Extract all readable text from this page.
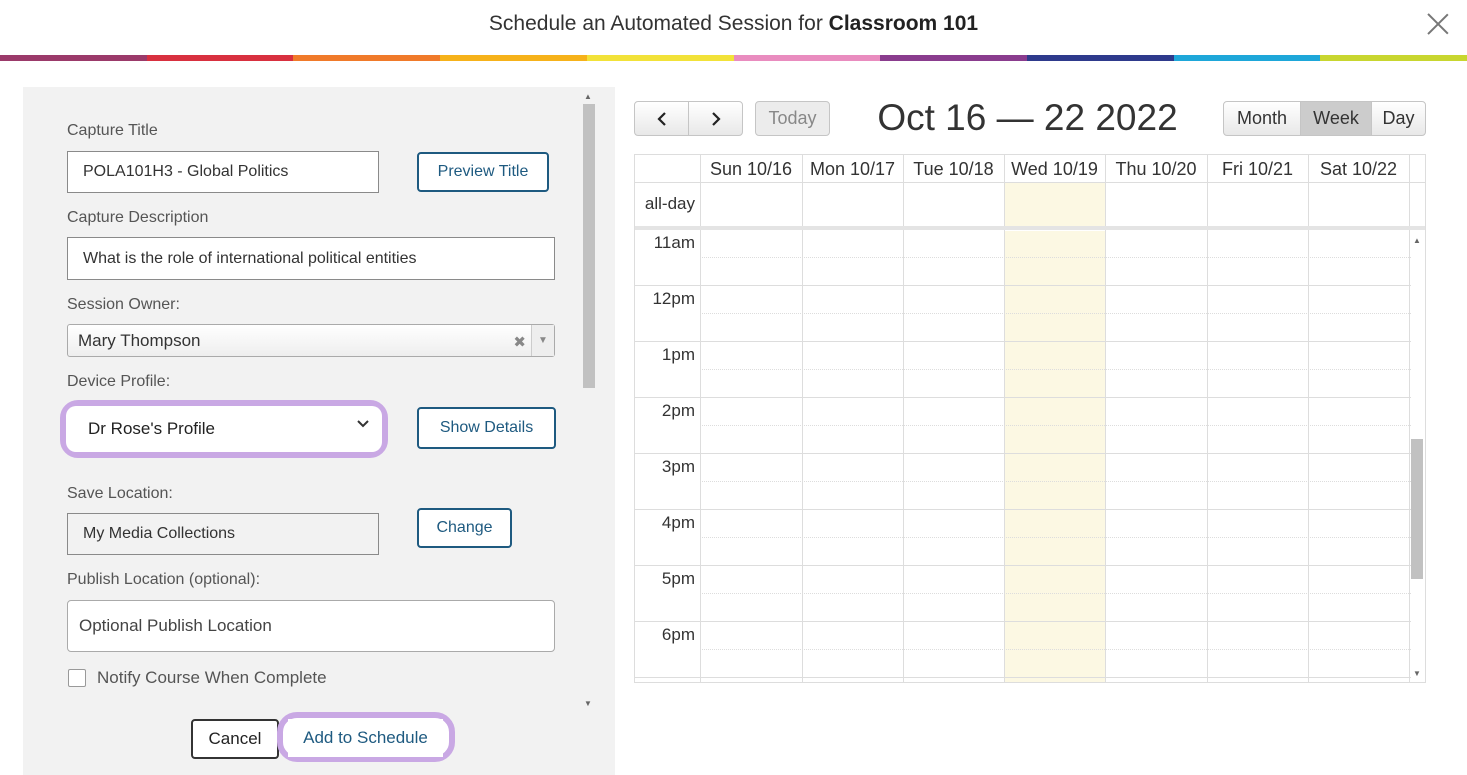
Schedule an Automated Session for Classroom 101
Capture Title
POLA101H3 - Global Politics	Preview Title
Capture Description
What is the role of international political entities
Session Owner:
Mary Thompson	✖	▼
Device Profile:
Dr Rose's Profile	Show Details
Save Location:
My Media Collections	Change
Publish Location (optional):
Optional Publish Location
Notify Course When Complete
▲
▼
Cancel	Add to Schedule
Today	Oct 16 — 22 2022	Month	Week	Day
Sun 10/16 Mon 10/17	Tue 10/18 Wed 10/19 Thu 10/20	Fri 10/21	Sat 10/22
all-day
11am
12pm
1pm
2pm
3pm
4pm
5pm
6pm
▲
▼
